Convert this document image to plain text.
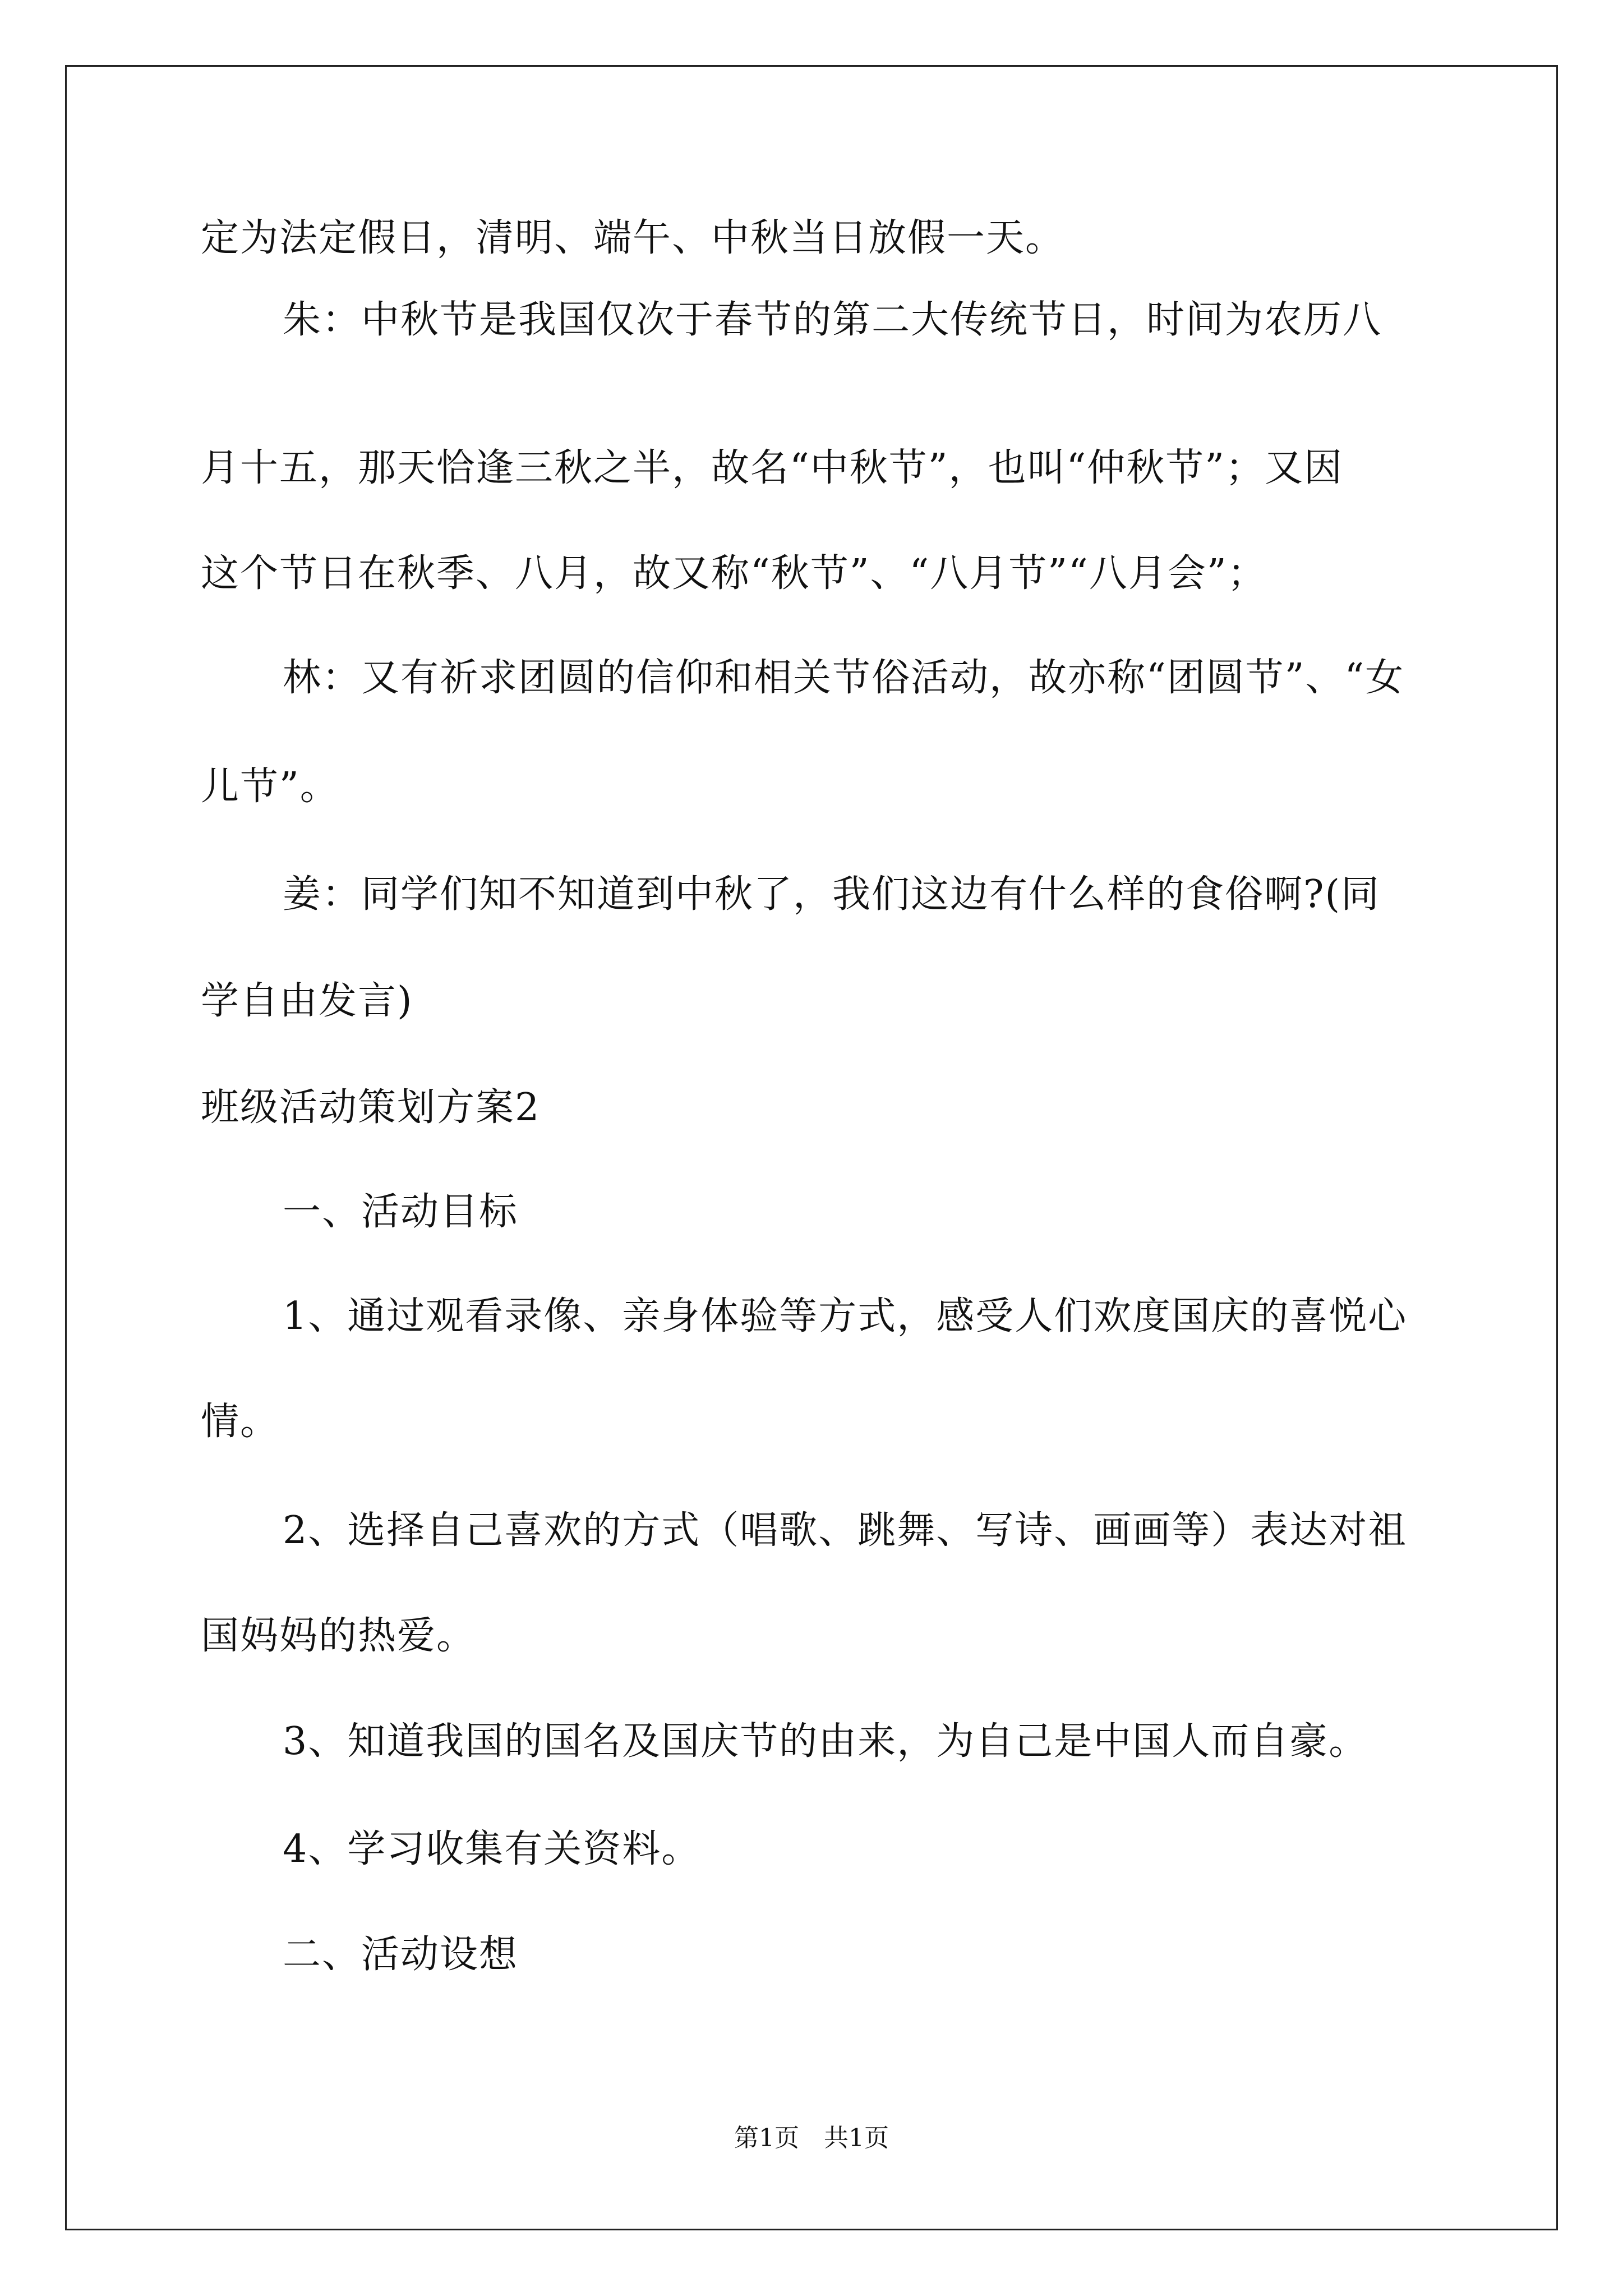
定为法定假日，清明、端午、中秋当日放假一天。
朱：中秋节是我国仅次于春节的第二大传统节日，时间为农历八
月十五，那天恰逢三秋之半，故名“中秋节”，也叫“仲秋节”；又因
这个节日在秋季、八月，故又称“秋节”、“八月节”“八月会”；
林：又有祈求团圆的信仰和相关节俗活动，故亦称“团圆节”、“女
儿节”。
姜：同学们知不知道到中秋了，我们这边有什么样的食俗啊?(同
学自由发言)
班级活动策划方案2
一、活动目标
1、通过观看录像、亲身体验等方式，感受人们欢度国庆的喜悦心
情。
2、选择自己喜欢的方式（唱歌、跳舞、写诗、画画等）表达对祖
国妈妈的热爱。
3、知道我国的国名及国庆节的由来，为自己是中国人而自豪。
4、学习收集有关资料。
二、活动设想
第1页　共1页
